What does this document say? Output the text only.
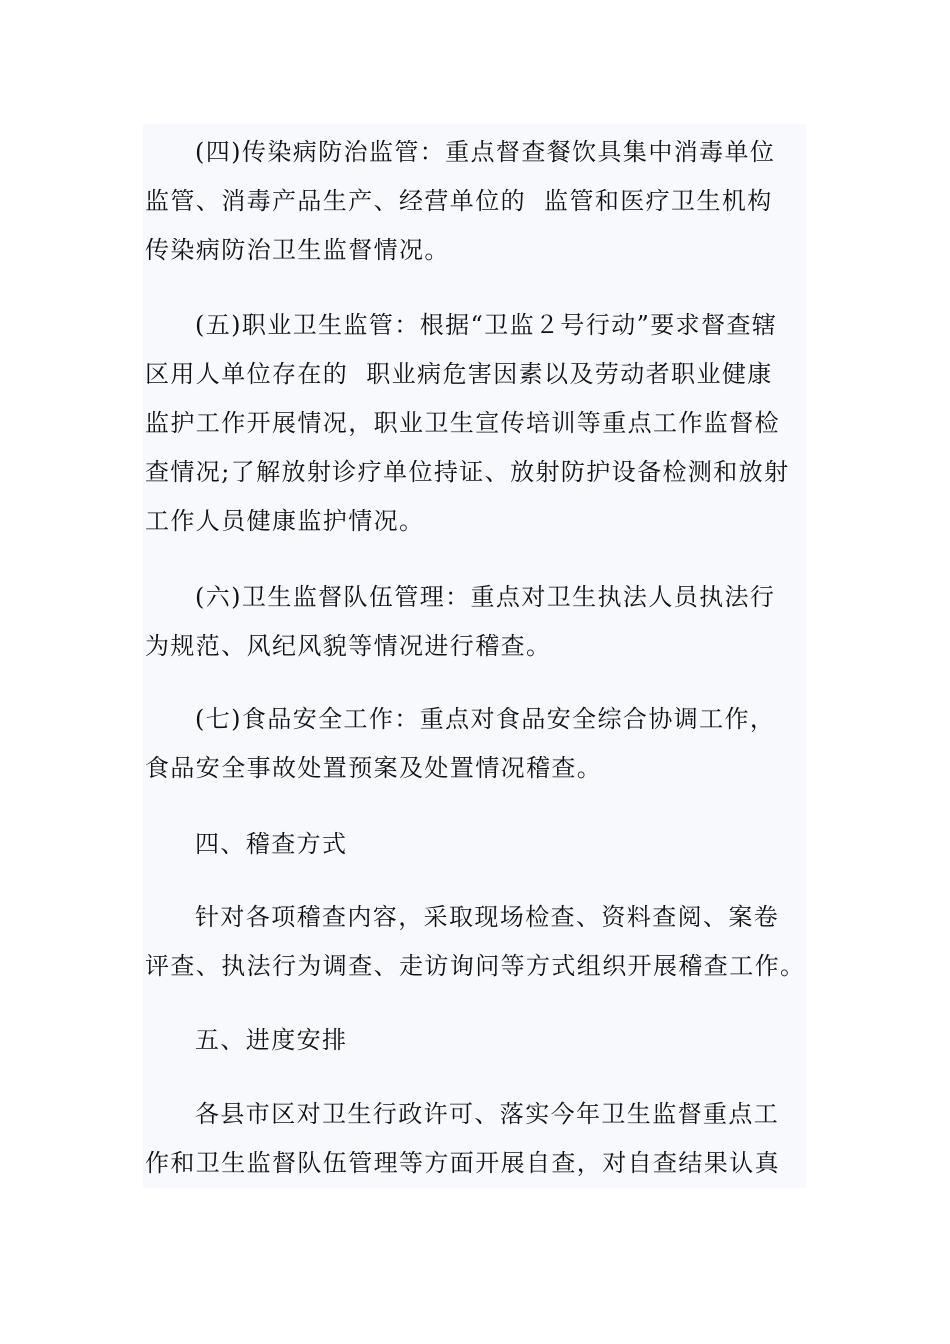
(四)传染病防治监管：重点督查餐饮具集中消毒单位
监管、消毒产品生产、经营单位的  监管和医疗卫生机构
传染病防治卫生监督情况。
(五)职业卫生监管：根据“卫监２号行动”要求督查辖
区用人单位存在的  职业病危害因素以及劳动者职业健康
监护工作开展情况，职业卫生宣传培训等重点工作监督检
查情况;了解放射诊疗单位持证、放射防护设备检测和放射
工作人员健康监护情况。
(六)卫生监督队伍管理：重点对卫生执法人员执法行
为规范、风纪风貌等情况进行稽查。
(七)食品安全工作：重点对食品安全综合协调工作，
食品安全事故处置预案及处置情况稽查。
四、稽查方式
针对各项稽查内容，采取现场检查、资料查阅、案卷
评查、执法行为调查、走访询问等方式组织开展稽查工作。
五、进度安排
各县市区对卫生行政许可、落实今年卫生监督重点工
作和卫生监督队伍管理等方面开展自查，对自查结果认真
